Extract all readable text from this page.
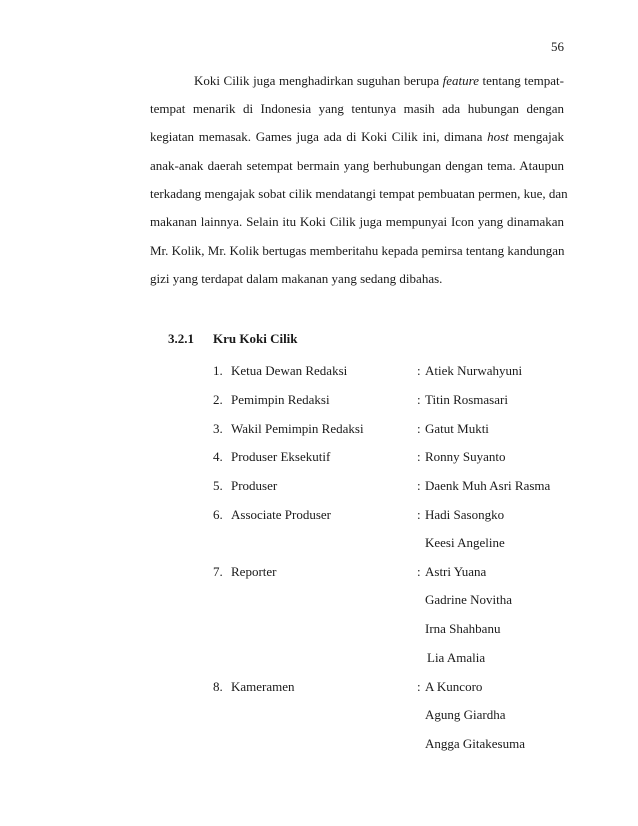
56
Koki Cilik juga menghadirkan suguhan berupa feature tentang tempat-
tempat menarik di Indonesia yang tentunya masih ada hubungan dengan
kegiatan memasak. Games juga ada di Koki Cilik ini, dimana host mengajak
anak-anak daerah setempat bermain yang berhubungan dengan tema. Ataupun
terkadang mengajak sobat cilik mendatangi tempat pembuatan permen, kue, dan
makanan lainnya. Selain itu Koki Cilik juga mempunyai Icon yang dinamakan
Mr. Kolik, Mr. Kolik bertugas memberitahu kepada pemirsa tentang kandungan
gizi yang terdapat dalam makanan yang sedang dibahas.
3.2.1 Kru Koki Cilik
1. Ketua Dewan Redaksi	: Atiek Nurwahyuni
2. Pemimpin Redaksi	: Titin Rosmasari
3. Wakil Pemimpin Redaksi	: Gatut Mukti
4. Produser Eksekutif	: Ronny Suyanto
5. Produser	: Daenk Muh Asri Rasma
6. Associate Produser	: Hadi Sasongko
Keesi Angeline
7. Reporter	: Astri Yuana
Gadrine Novitha
Irna Shahbanu
Lia Amalia
8. Kameramen	: A Kuncoro
Agung Giardha
Angga Gitakesuma
